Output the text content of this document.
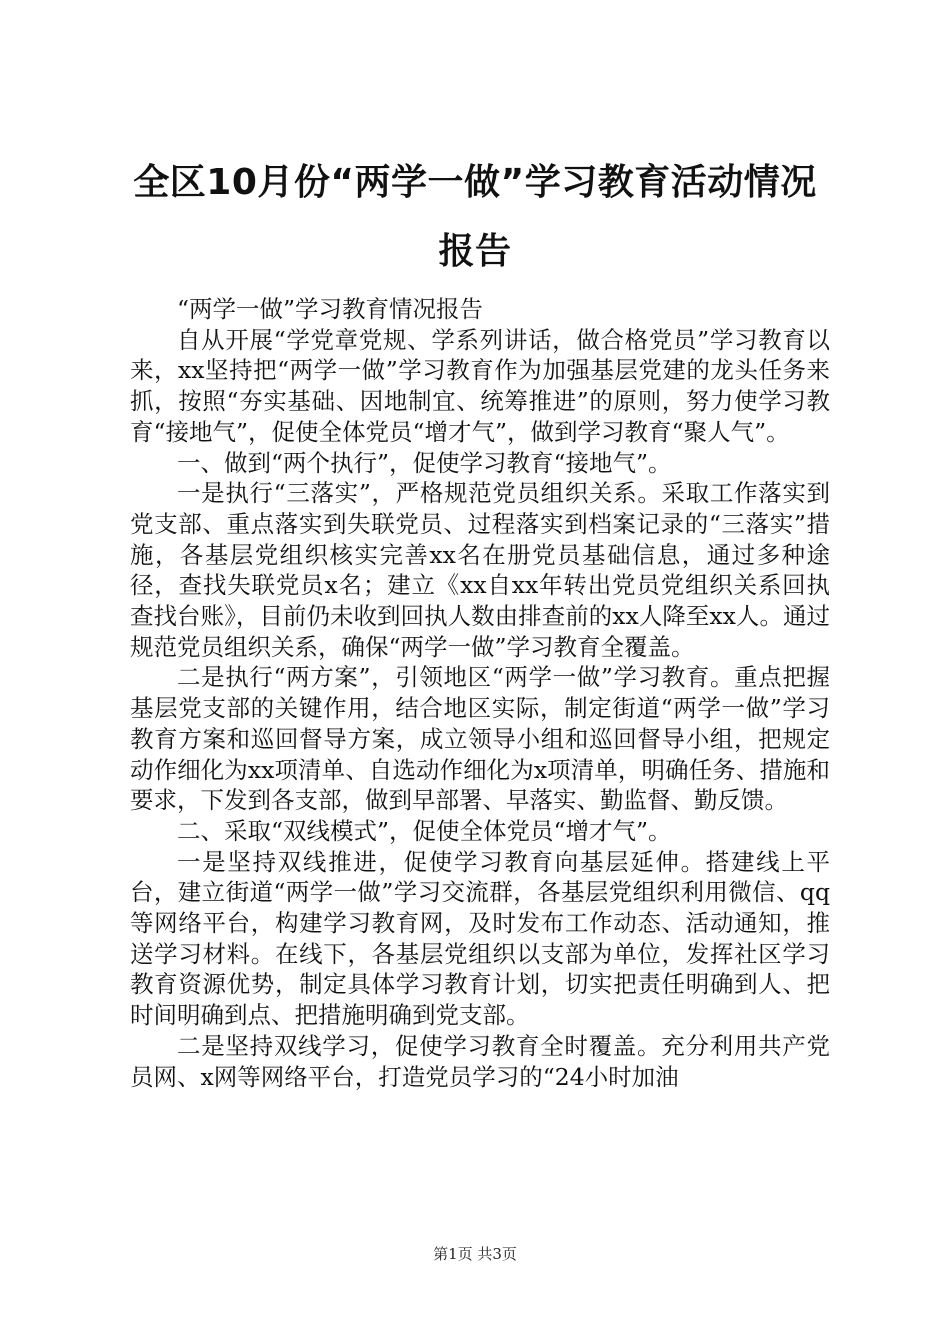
全区10月份“两学一做”学习教育活动情况
报告

“两学一做”学习教育情况报告

自从开展“学党章党规、学系列讲话，做合格党员”学习教育以来，xx坚持把“两学一做”学习教育作为加强基层党建的龙头任务来抓，按照“夯实基础、因地制宜、统筹推进”的原则，努力使学习教育“接地气”，促使全体党员“增才气”，做到学习教育“聚人气”。

一、做到“两个执行”，促使学习教育“接地气”。

一是执行“三落实”，严格规范党员组织关系。采取工作落实到党支部、重点落实到失联党员、过程落实到档案记录的“三落实”措施，各基层党组织核实完善xx名在册党员基础信息，通过多种途径，查找失联党员x名；建立《xx自xx年转出党员党组织关系回执查找台账》，目前仍未收到回执人数由排查前的xx人降至xx人。通过规范党员组织关系，确保“两学一做”学习教育全覆盖。

二是执行“两方案”，引领地区“两学一做”学习教育。重点把握基层党支部的关键作用，结合地区实际，制定街道“两学一做”学习教育方案和巡回督导方案，成立领导小组和巡回督导小组，把规定动作细化为xx项清单、自选动作细化为x项清单，明确任务、措施和要求，下发到各支部，做到早部署、早落实、勤监督、勤反馈。

二、采取“双线模式”，促使全体党员“增才气”。

一是坚持双线推进，促使学习教育向基层延伸。搭建线上平台，建立街道“两学一做”学习交流群，各基层党组织利用微信、qq等网络平台，构建学习教育网，及时发布工作动态、活动通知，推送学习材料。在线下，各基层党组织以支部为单位，发挥社区学习教育资源优势，制定具体学习教育计划，切实把责任明确到人、把时间明确到点、把措施明确到党支部。

二是坚持双线学习，促使学习教育全时覆盖。充分利用共产党员网、x网等网络平台，打造党员学习的“24小时加油

第1页 共3页
